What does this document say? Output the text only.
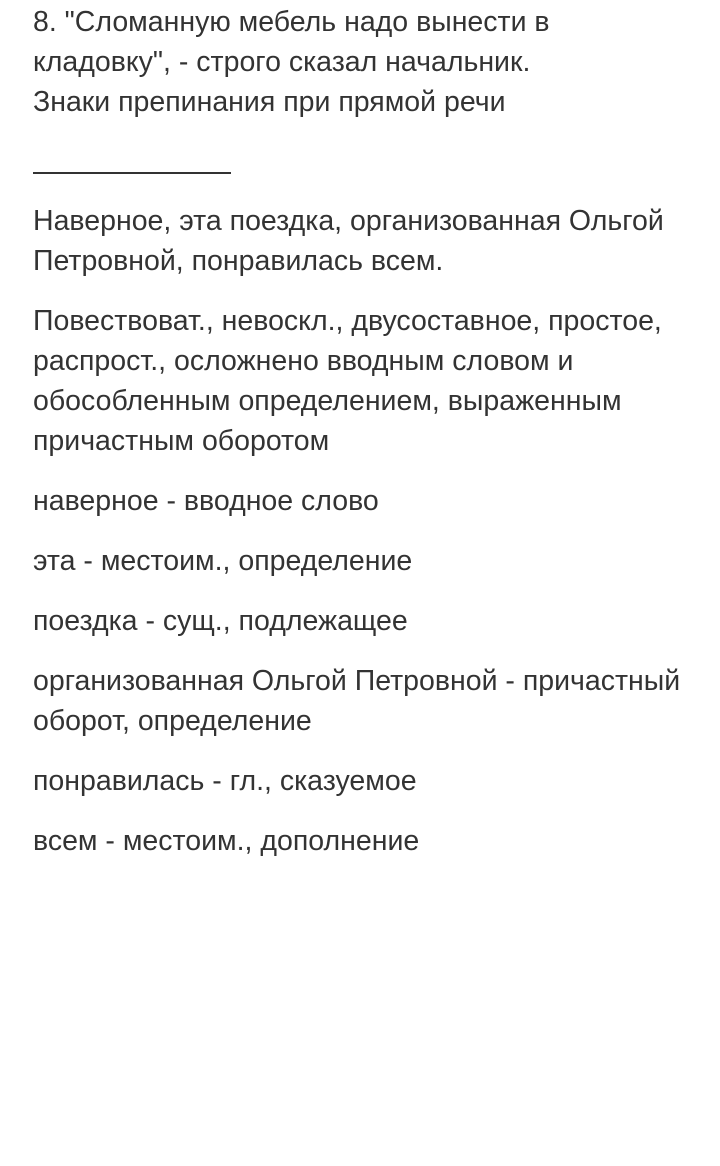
8. "Сломанную мебель надо вынести в

кладовку", - строго сказал начальник.

Знаки препинания при прямой речи

Наверное, эта поездка, организованная Ольгой Петровной, понравилась всем.

Повествоват., невоскл., двусоставное, простое, распрост., осложнено вводным словом и обособленным определением, выраженным причастным оборотом

наверное - вводное слово

эта - местоим., определение

поездка - сущ., подлежащее

организованная Ольгой Петровной - причастный оборот, определение

понравилась - гл., сказуемое

всем - местоим., дополнение
